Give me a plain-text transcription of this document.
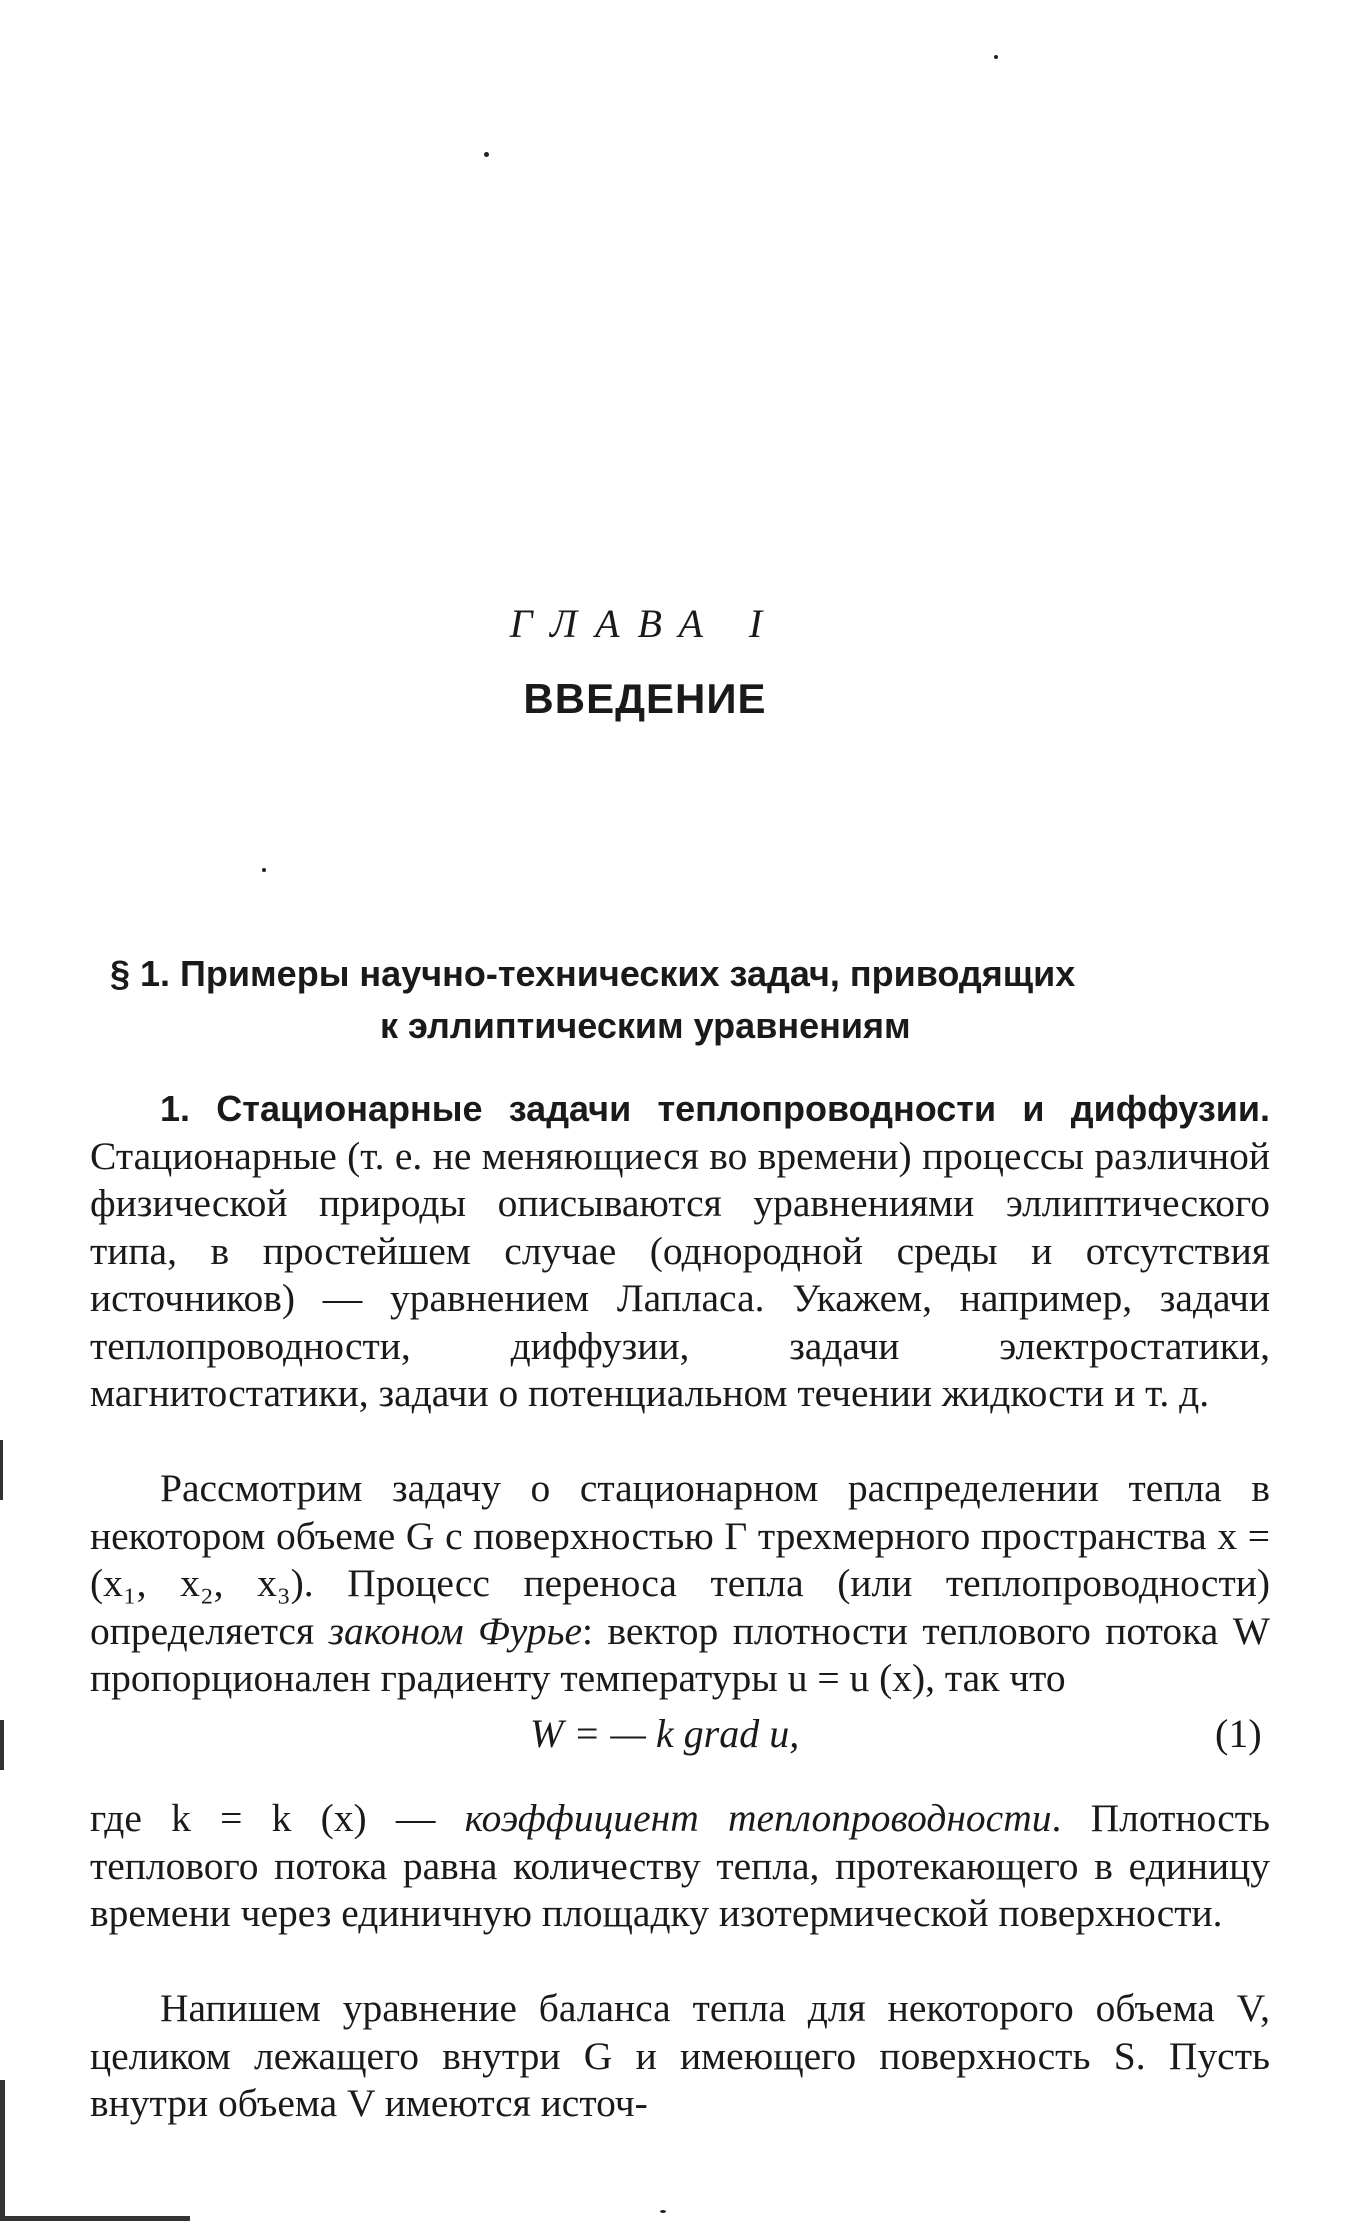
ГЛАВА I
ВВЕДЕНИЕ
§ 1. Примеры научно-технических задач, приводящих
к эллиптическим уравнениям
1. Стационарные задачи теплопроводности и диффузии. Стационарные (т. е. не меняющиеся во времени) процессы различной физической природы описываются уравнениями эллиптического типа, в простейшем случае (однородной среды и отсутствия источников) — уравнением Лапласа. Укажем, например, задачи теплопроводности, диффузии, задачи электростатики, магнитостатики, задачи о потенциальном течении жидкости и т. д.
Рассмотрим задачу о стационарном распределении тепла в некотором объеме G с поверхностью Γ трехмерного пространства x = (x₁, x₂, x₃). Процесс переноса тепла (или теплопроводности) определяется законом Фурье: вектор плотности теплового потока W пропорционален градиенту температуры u = u (x), так что
W = — k grad u,	(1)
где k = k (x) — коэффициент теплопроводности. Плотность теплового потока равна количеству тепла, протекающего в единицу времени через единичную площадку изотермической поверхности.
Напишем уравнение баланса тепла для некоторого объема V, целиком лежащего внутри G и имеющего поверхность S. Пусть внутри объема V имеются источ-
